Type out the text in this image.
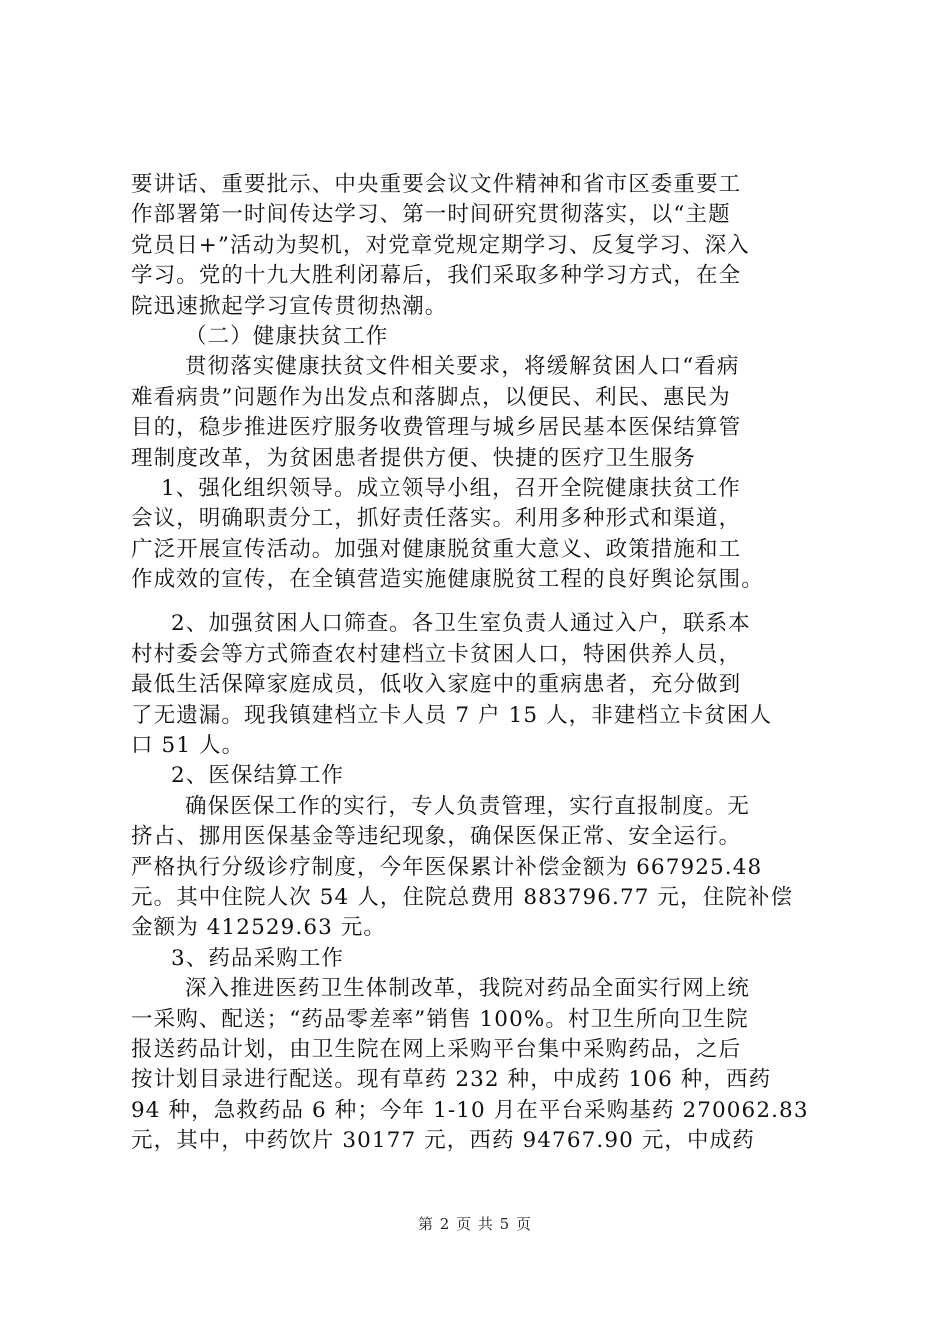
要讲话、重要批示、中央重要会议文件精神和省市区委重要工
作部署第一时间传达学习、第一时间研究贯彻落实，以“主题
党员日+”活动为契机，对党章党规定期学习、反复学习、深入
学习。党的十九大胜利闭幕后，我们采取多种学习方式，在全
院迅速掀起学习宣传贯彻热潮。
（二）健康扶贫工作
贯彻落实健康扶贫文件相关要求，将缓解贫困人口“看病
难看病贵”问题作为出发点和落脚点，以便民、利民、惠民为
目的，稳步推进医疗服务收费管理与城乡居民基本医保结算管
理制度改革，为贫困患者提供方便、快捷的医疗卫生服务
1、强化组织领导。成立领导小组，召开全院健康扶贫工作
会议，明确职责分工，抓好责任落实。利用多种形式和渠道，
广泛开展宣传活动。加强对健康脱贫重大意义、政策措施和工
作成效的宣传，在全镇营造实施健康脱贫工程的良好舆论氛围。
2、加强贫困人口筛查。各卫生室负责人通过入户，联系本
村村委会等方式筛查农村建档立卡贫困人口，特困供养人员，
最低生活保障家庭成员，低收入家庭中的重病患者，充分做到
了无遗漏。现我镇建档立卡人员 7 户 15 人，非建档立卡贫困人
口 51 人。
2、医保结算工作
确保医保工作的实行，专人负责管理，实行直报制度。无
挤占、挪用医保基金等违纪现象，确保医保正常、安全运行。
严格执行分级诊疗制度，今年医保累计补偿金额为 667925.48
元。其中住院人次 54 人，住院总费用 883796.77 元，住院补偿
金额为 412529.63 元。
3、药品采购工作
深入推进医药卫生体制改革，我院对药品全面实行网上统
一采购、配送；“药品零差率”销售 100%。村卫生所向卫生院
报送药品计划，由卫生院在网上采购平台集中采购药品，之后
按计划目录进行配送。现有草药 232 种，中成药 106 种，西药
94 种，急救药品 6 种；今年 1-10 月在平台采购基药 270062.83
元，其中，中药饮片 30177 元，西药 94767.90 元，中成药
第 2 页 共 5 页
